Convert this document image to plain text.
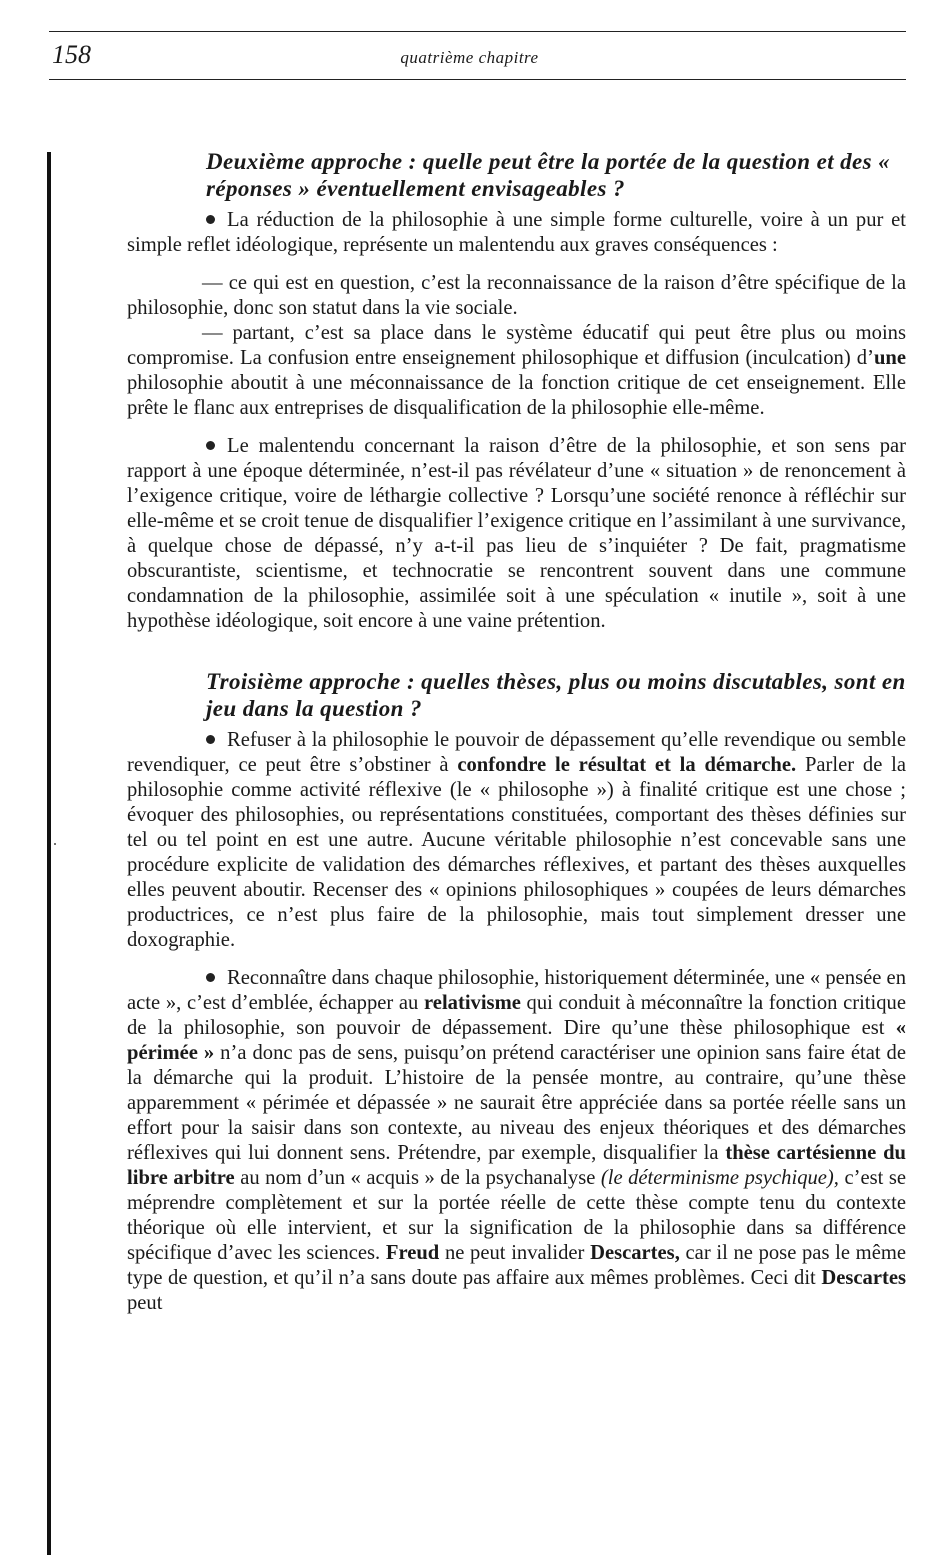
158	quatrième chapitre
Deuxième approche : quelle peut être la portée de la question et des « réponses » éventuellement envisageables ?

La réduction de la philosophie à une simple forme culturelle, voire à un pur et simple reflet idéologique, représente un malentendu aux graves conséquences :

— ce qui est en question, c’est la reconnaissance de la raison d’être spécifique de la philosophie, donc son statut dans la vie sociale.

— partant, c’est sa place dans le système éducatif qui peut être plus ou moins compromise. La confusion entre enseignement philosophique et diffusion (inculcation) d’une philosophie aboutit à une méconnaissance de la fonction critique de cet enseignement. Elle prête le flanc aux entreprises de disqualification de la philosophie elle-même.

Le malentendu concernant la raison d’être de la philosophie, et son sens par rapport à une époque déterminée, n’est-il pas révélateur d’une « situation » de renoncement à l’exigence critique, voire de léthargie collective ? Lorsqu’une société renonce à réfléchir sur elle-même et se croit tenue de disqualifier l’exigence critique en l’assimilant à une survivance, à quelque chose de dépassé, n’y a-t-il pas lieu de s’inquiéter ? De fait, pragmatisme obscurantiste, scientisme, et technocratie se rencontrent souvent dans une commune condamnation de la philosophie, assimilée soit à une spéculation « inutile », soit à une hypothèse idéologique, soit encore à une vaine prétention.

Troisième approche : quelles thèses, plus ou moins discutables, sont en jeu dans la question ?

Refuser à la philosophie le pouvoir de dépassement qu’elle revendique ou semble revendiquer, ce peut être s’obstiner à confondre le résultat et la démarche. Parler de la philosophie comme activité réflexive (le « philosophe ») à finalité critique est une chose ; évoquer des philosophies, ou représentations constituées, comportant des thèses définies sur tel ou tel point en est une autre. Aucune véritable philosophie n’est concevable sans une procédure explicite de validation des démarches réflexives, et partant des thèses auxquelles elles peuvent aboutir. Recenser des « opinions philosophiques » coupées de leurs démarches productrices, ce n’est plus faire de la philosophie, mais tout simplement dresser une doxographie.

Reconnaître dans chaque philosophie, historiquement déterminée, une « pensée en acte », c’est d’emblée, échapper au relativisme qui conduit à méconnaître la fonction critique de la philosophie, son pouvoir de dépassement. Dire qu’une thèse philosophique est « périmée » n’a donc pas de sens, puisqu’on prétend caractériser une opinion sans faire état de la démarche qui la produit. L’histoire de la pensée montre, au contraire, qu’une thèse apparemment « périmée et dépassée » ne saurait être appréciée dans sa portée réelle sans un effort pour la saisir dans son contexte, au niveau des enjeux théoriques et des démarches réflexives qui lui donnent sens. Prétendre, par exemple, disqualifier la thèse cartésienne du libre arbitre au nom d’un « acquis » de la psychanalyse (le déterminisme psychique), c’est se méprendre complètement et sur la portée réelle de cette thèse compte tenu du contexte théorique où elle intervient, et sur la signification de la philosophie dans sa différence spécifique d’avec les sciences. Freud ne peut invalider Descartes, car il ne pose pas le même type de question, et qu’il n’a sans doute pas affaire aux mêmes problèmes. Ceci dit Descartes peut
